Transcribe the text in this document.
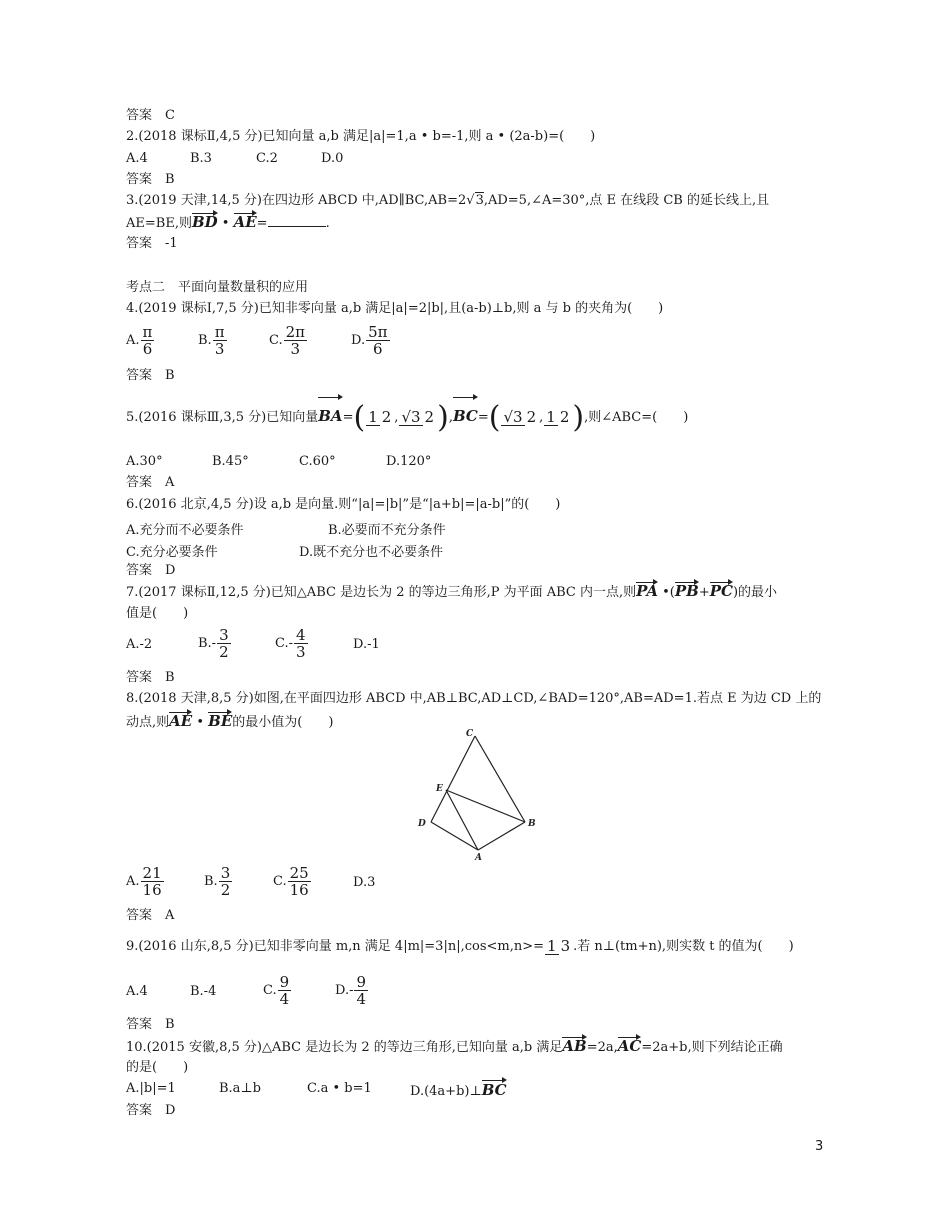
答案　C
2.(2018 课标Ⅱ,4,5 分)已知向量 a,b 满足|a|=1,a • b=-1,则 a • (2a-b)=(　　)
A.4	B.3	C.2	D.0
答案　B
3.(2019 天津,14,5 分)在四边形 ABCD 中,AD∥BC,AB=2√3,AD=5,∠A=30°,点 E 在线段 CB 的延长线上,且
AE=BE,则BD • AE=	.
答案　-1
考点二　平面向量数量积的应用
4.(2019 课标Ⅰ,7,5 分)已知非零向量 a,b 满足|a|=2|b|,且(a-b)⊥b,则 a 与 b 的夹角为(　　)
A. $\frac{\pi}{6}$	B. $\frac{\pi}{3}$	C. $\frac{2\pi}{3}$	D. $\frac{5\pi}{6}$
答案　B
5.(2016 课标Ⅲ,3,5 分)已知向量BA=( 1 2 , √3 2 ),BC=( √3 2 , 1 2 ),则∠ABC=(　　)
A.30°	B.45°	C.60°	D.120°
答案　A
6.(2016 北京,4,5 分)设 a,b 是向量.则“|a|=|b|”是“|a+b|=|a-b|”的(　　)
A.充分而不必要条件	B.必要而不充分条件
C.充分必要条件	D.既不充分也不必要条件
答案　D
7.(2017 课标Ⅱ,12,5 分)已知△ABC 是边长为 2 的等边三角形,P 为平面 ABC 内一点,则PA •(PB+PC)的最小
值是(　　)
A.-2	$B.- \frac{3}{2}$	$C.- \frac{4}{3}$	D.-1
答案　B
8.(2018 天津,8,5 分)如图,在平面四边形 ABCD 中,AB⊥BC,AD⊥CD,∠BAD=120°,AB=AD=1.若点 E 为边 CD 上的
动点,则AE • BE的最小值为(　　)
C
E
D	B
A
A. $\frac{21}{16}$	B. $\frac{3}{2}$	C. $\frac{25}{16}$	D.3
答案　A
9.(2016 山东,8,5 分)已知非零向量 m,n 满足 4|m|=3|n|,cos<m,n>= 1 3 .若 n⊥(tm+n),则实数 t 的值为(　　)
A.4	B.-4	C. $\frac{9}{4}$	$D.- \frac{9}{4}$
答案　B
10.(2015 安徽,8,5 分)△ABC 是边长为 2 的等边三角形,已知向量 a,b 满足AB=2a,AC=2a+b,则下列结论正确
的是(　　)
A.|b|=1	B.a⊥b	C.a • b=1	D.(4a+b)⊥BC
答案　D
3
